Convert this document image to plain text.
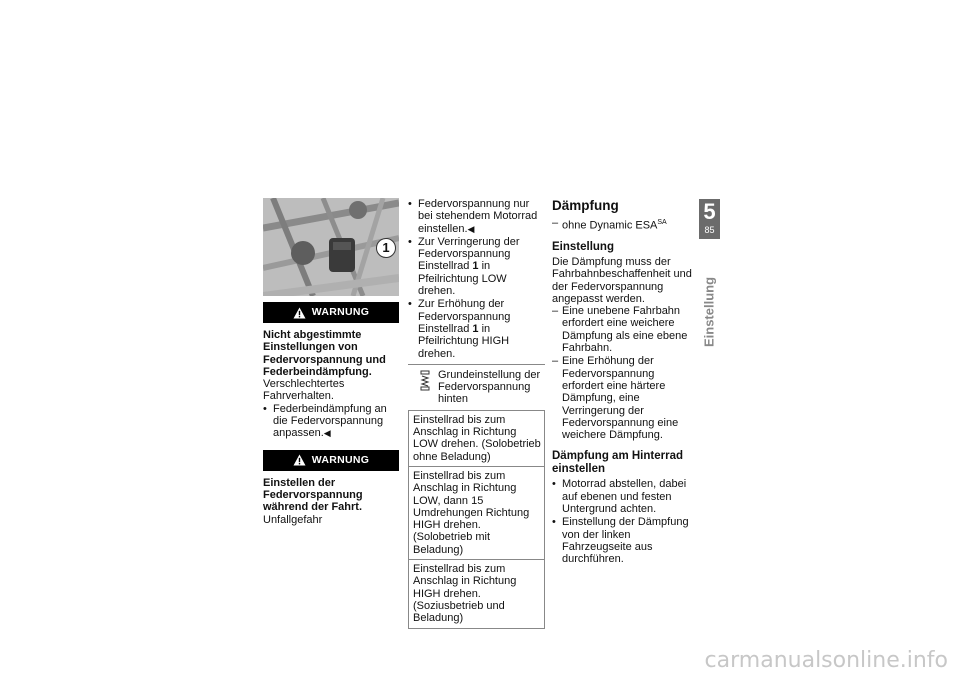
1
WARNUNG

Nicht abgestimmte Einstellungen von Federvorspannung und Federbeindämpfung.

Verschlechtertes Fahrverhalten.

• Federbeindämpfung an die Federvorspannung anpassen.◀
WARNUNG

Einstellen der Federvorspannung während der Fahrt.

Unfallgefahr

• Federvorspannung nur bei stehendem Motorrad einstellen.◀
• Zur Verringerung der Federvorspannung Einstellrad 1 in Pfeilrichtung LOW drehen.
• Zur Erhöhung der Federvorspannung Einstellrad 1 in Pfeilrichtung HIGH drehen.
Grundeinstellung der Federvorspannung hinten
Einstellrad bis zum Anschlag in Richtung LOW drehen. (Solobetrieb ohne Beladung)
Einstellrad bis zum Anschlag in Richtung LOW, dann 15 Umdrehungen Richtung HIGH drehen. (Solobetrieb mit Beladung)
Einstellrad bis zum Anschlag in Richtung HIGH drehen. (Soziusbetrieb und Beladung)
Dämpfung
– ohne Dynamic $ESA^{SA}$
Einstellung

Die Dämpfung muss der Fahrbahnbeschaffenheit und der Federvorspannung angepasst werden.

– Eine unebene Fahrbahn erfordert eine weichere Dämpfung als eine ebene Fahrbahn.
– Eine Erhöhung der Federvorspannung erfordert eine härtere Dämpfung, eine Verringerung der Federvorspannung eine weichere Dämpfung.
Dämpfung am Hinterrad einstellen
• Motorrad abstellen, dabei auf ebenen und festen Untergrund achten.
• Einstellung der Dämpfung von der linken Fahrzeugseite aus durchführen.
5
85
Einstellung
carmanualsonline.info
